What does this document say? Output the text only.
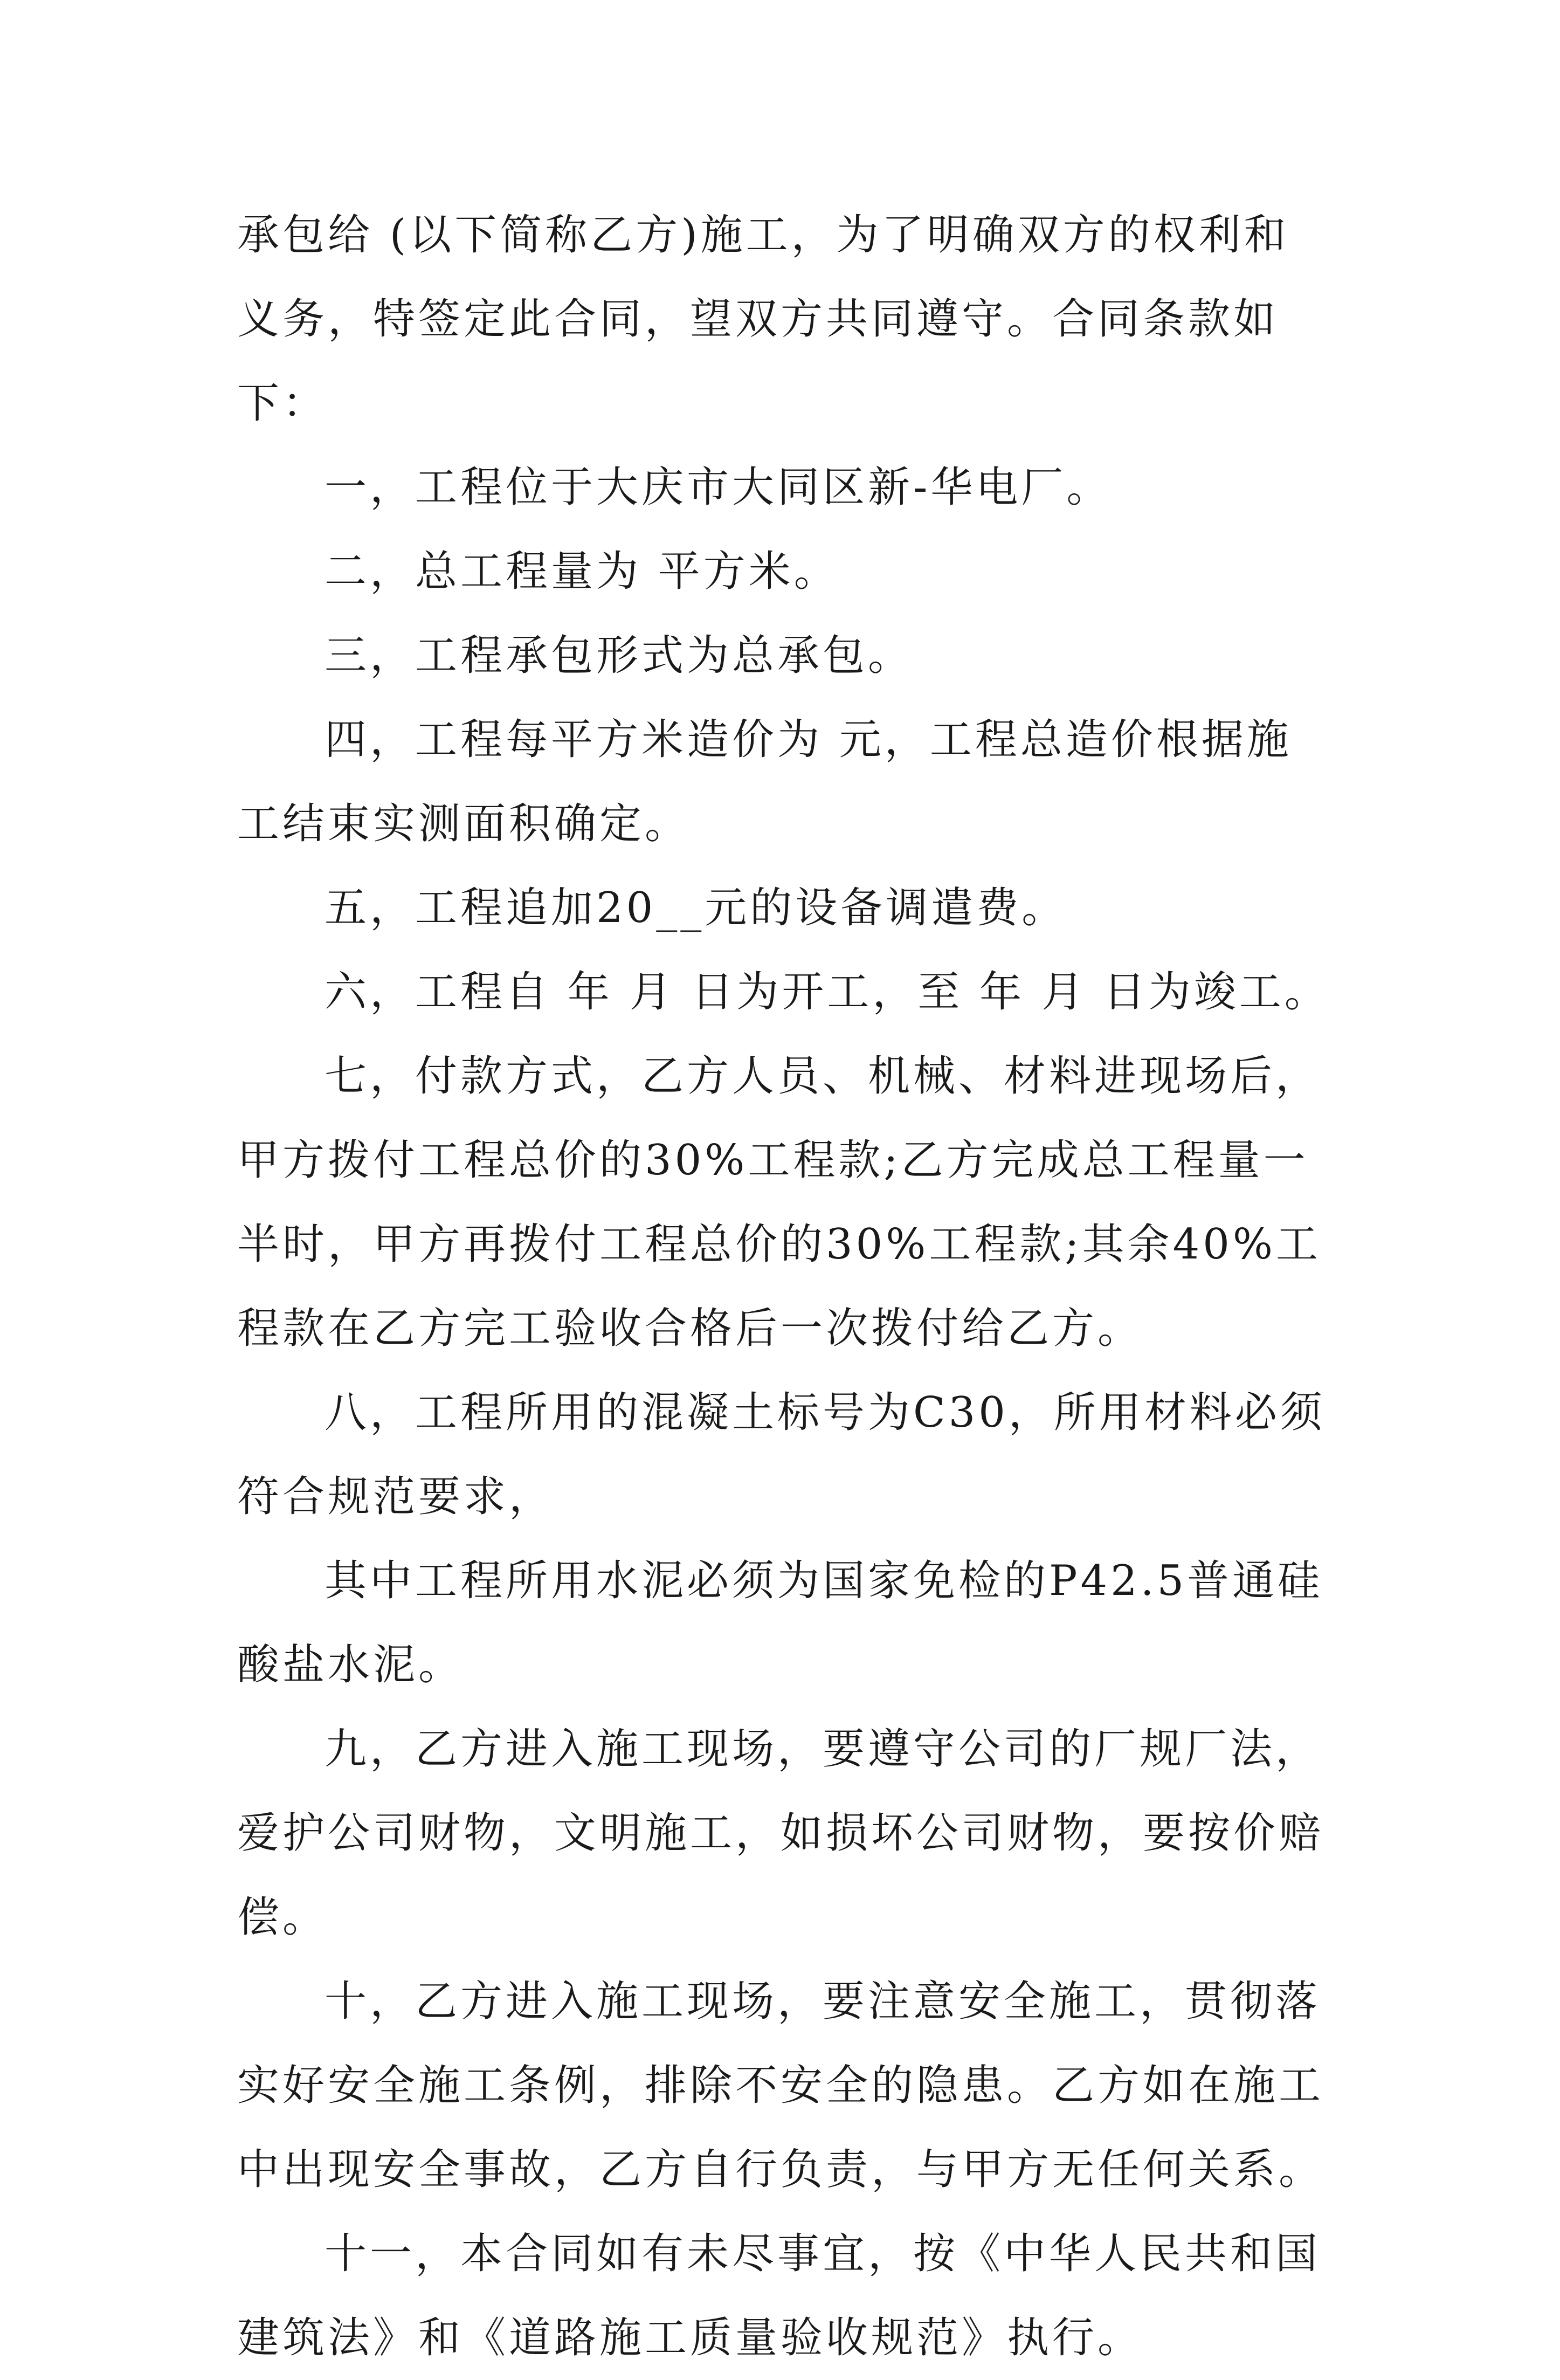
承包给 (以下简称乙方)施工，为了明确双方的权利和义务，特签定此合同，望双方共同遵守。合同条款如下：

一，工程位于大庆市大同区新-华电厂。

二，总工程量为 平方米。

三，工程承包形式为总承包。

四，工程每平方米造价为 元，工程总造价根据施工结束实测面积确定。

五，工程追加20__元的设备调遣费。

六，工程自 年 月 日为开工，至 年 月 日为竣工。

七，付款方式，乙方人员、机械、材料进现场后，甲方拨付工程总价的30%工程款;乙方完成总工程量一半时，甲方再拨付工程总价的30%工程款;其余40%工程款在乙方完工验收合格后一次拨付给乙方。

八，工程所用的混凝土标号为C30，所用材料必须符合规范要求，

其中工程所用水泥必须为国家免检的P42.5普通硅酸盐水泥。

九，乙方进入施工现场，要遵守公司的厂规厂法，爱护公司财物，文明施工，如损坏公司财物，要按价赔偿。

十，乙方进入施工现场，要注意安全施工，贯彻落实好安全施工条例，排除不安全的隐患。乙方如在施工中出现安全事故，乙方自行负责，与甲方无任何关系。

十一，本合同如有未尽事宜，按《中华人民共和国建筑法》和《道路施工质量验收规范》执行。
